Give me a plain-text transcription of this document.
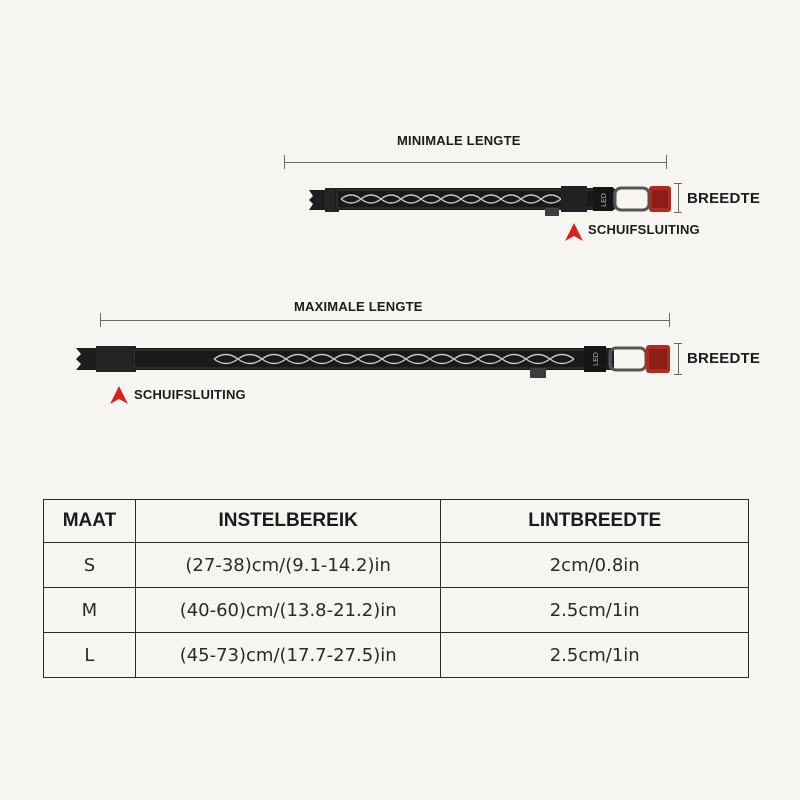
MINIMALE LENGTE
LED	BREEDTE
SCHUIFSLUITING
MAXIMALE LENGTE
LED	BREEDTE
SCHUIFSLUITING
MAAT	INSTELBEREIK	LINTBREEDTE
S	(27-38)cm/(9.1-14.2)in	2cm/0.8in
M	(40-60)cm/(13.8-21.2)in	2.5cm/1in
L	(45-73)cm/(17.7-27.5)in	2.5cm/1in
